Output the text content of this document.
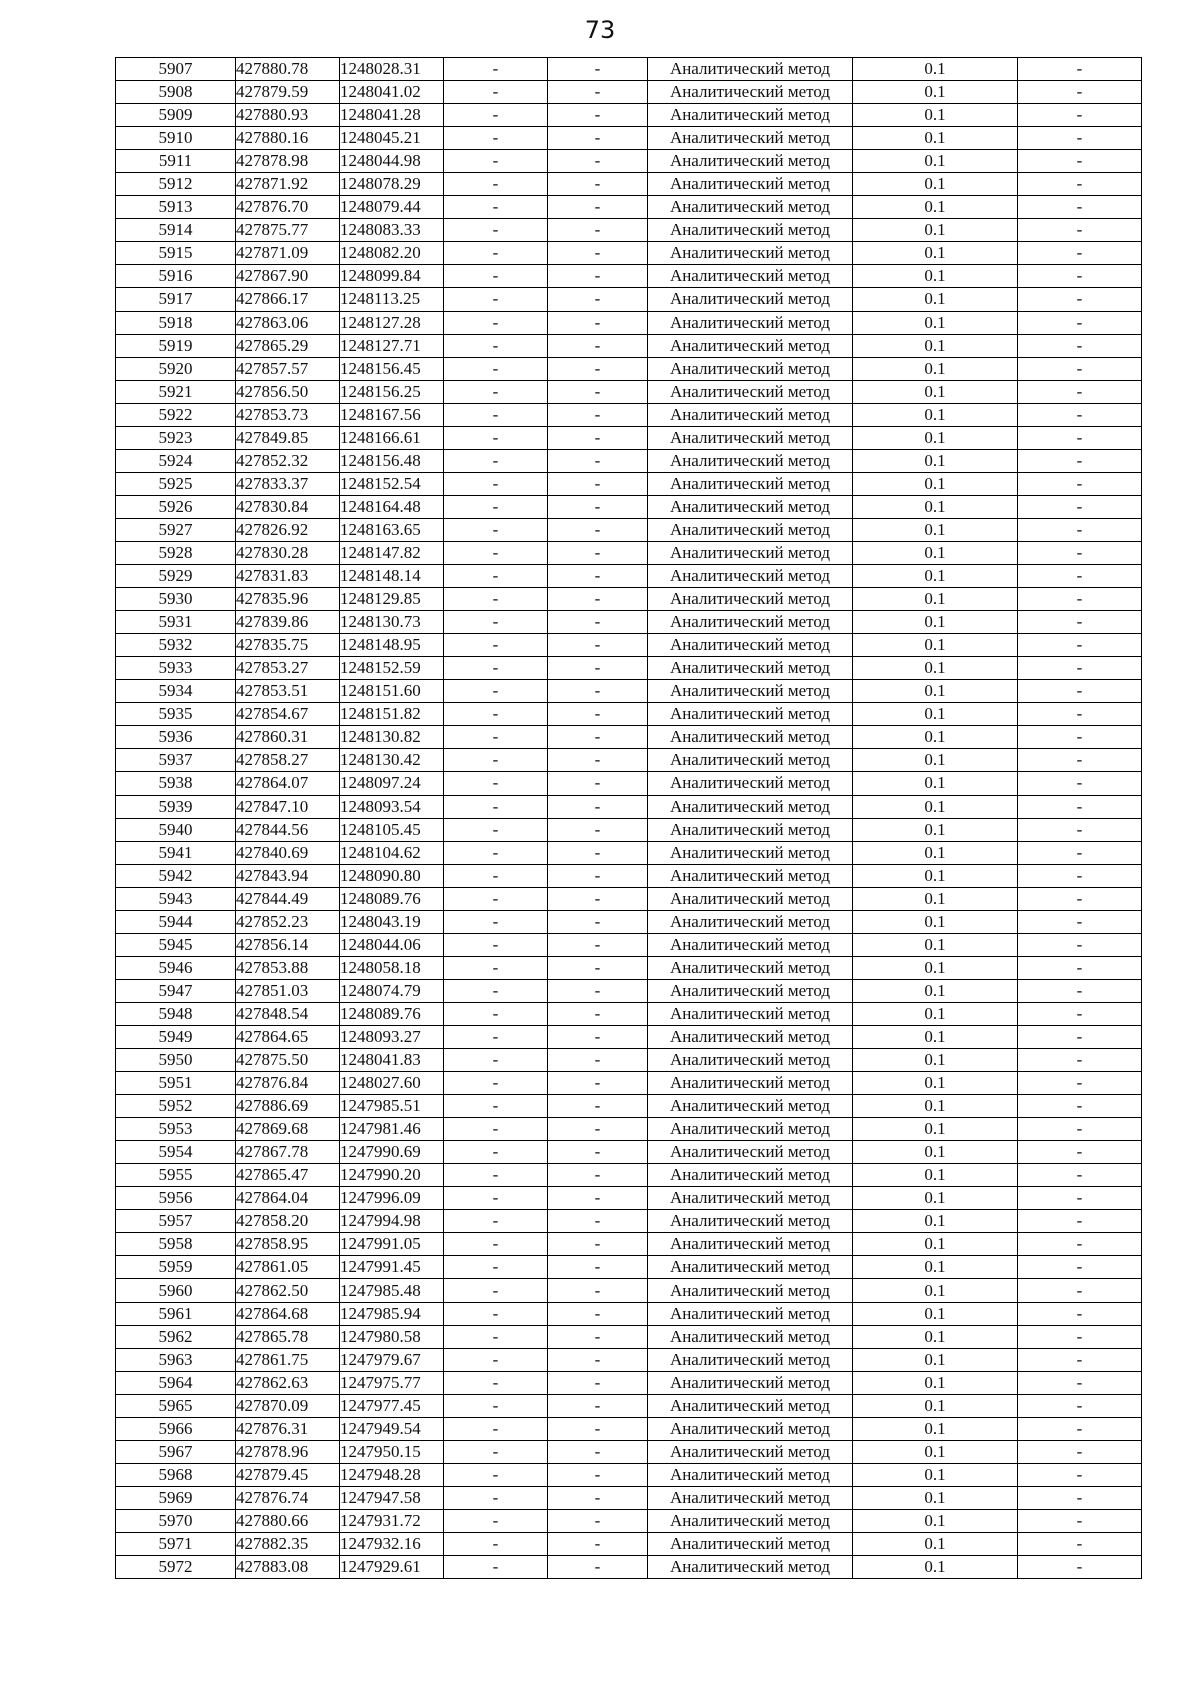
73
5907	427880.78	1248028.31	-	-	Аналитический метод	0.1	-
5908	427879.59	1248041.02	-	-	Аналитический метод	0.1	-
5909	427880.93	1248041.28	-	-	Аналитический метод	0.1	-
5910	427880.16	1248045.21	-	-	Аналитический метод	0.1	-
5911	427878.98	1248044.98	-	-	Аналитический метод	0.1	-
5912	427871.92	1248078.29	-	-	Аналитический метод	0.1	-
5913	427876.70	1248079.44	-	-	Аналитический метод	0.1	-
5914	427875.77	1248083.33	-	-	Аналитический метод	0.1	-
5915	427871.09	1248082.20	-	-	Аналитический метод	0.1	-
5916	427867.90	1248099.84	-	-	Аналитический метод	0.1	-
5917	427866.17	1248113.25	-	-	Аналитический метод	0.1	-
5918	427863.06	1248127.28	-	-	Аналитический метод	0.1	-
5919	427865.29	1248127.71	-	-	Аналитический метод	0.1	-
5920	427857.57	1248156.45	-	-	Аналитический метод	0.1	-
5921	427856.50	1248156.25	-	-	Аналитический метод	0.1	-
5922	427853.73	1248167.56	-	-	Аналитический метод	0.1	-
5923	427849.85	1248166.61	-	-	Аналитический метод	0.1	-
5924	427852.32	1248156.48	-	-	Аналитический метод	0.1	-
5925	427833.37	1248152.54	-	-	Аналитический метод	0.1	-
5926	427830.84	1248164.48	-	-	Аналитический метод	0.1	-
5927	427826.92	1248163.65	-	-	Аналитический метод	0.1	-
5928	427830.28	1248147.82	-	-	Аналитический метод	0.1	-
5929	427831.83	1248148.14	-	-	Аналитический метод	0.1	-
5930	427835.96	1248129.85	-	-	Аналитический метод	0.1	-
5931	427839.86	1248130.73	-	-	Аналитический метод	0.1	-
5932	427835.75	1248148.95	-	-	Аналитический метод	0.1	-
5933	427853.27	1248152.59	-	-	Аналитический метод	0.1	-
5934	427853.51	1248151.60	-	-	Аналитический метод	0.1	-
5935	427854.67	1248151.82	-	-	Аналитический метод	0.1	-
5936	427860.31	1248130.82	-	-	Аналитический метод	0.1	-
5937	427858.27	1248130.42	-	-	Аналитический метод	0.1	-
5938	427864.07	1248097.24	-	-	Аналитический метод	0.1	-
5939	427847.10	1248093.54	-	-	Аналитический метод	0.1	-
5940	427844.56	1248105.45	-	-	Аналитический метод	0.1	-
5941	427840.69	1248104.62	-	-	Аналитический метод	0.1	-
5942	427843.94	1248090.80	-	-	Аналитический метод	0.1	-
5943	427844.49	1248089.76	-	-	Аналитический метод	0.1	-
5944	427852.23	1248043.19	-	-	Аналитический метод	0.1	-
5945	427856.14	1248044.06	-	-	Аналитический метод	0.1	-
5946	427853.88	1248058.18	-	-	Аналитический метод	0.1	-
5947	427851.03	1248074.79	-	-	Аналитический метод	0.1	-
5948	427848.54	1248089.76	-	-	Аналитический метод	0.1	-
5949	427864.65	1248093.27	-	-	Аналитический метод	0.1	-
5950	427875.50	1248041.83	-	-	Аналитический метод	0.1	-
5951	427876.84	1248027.60	-	-	Аналитический метод	0.1	-
5952	427886.69	1247985.51	-	-	Аналитический метод	0.1	-
5953	427869.68	1247981.46	-	-	Аналитический метод	0.1	-
5954	427867.78	1247990.69	-	-	Аналитический метод	0.1	-
5955	427865.47	1247990.20	-	-	Аналитический метод	0.1	-
5956	427864.04	1247996.09	-	-	Аналитический метод	0.1	-
5957	427858.20	1247994.98	-	-	Аналитический метод	0.1	-
5958	427858.95	1247991.05	-	-	Аналитический метод	0.1	-
5959	427861.05	1247991.45	-	-	Аналитический метод	0.1	-
5960	427862.50	1247985.48	-	-	Аналитический метод	0.1	-
5961	427864.68	1247985.94	-	-	Аналитический метод	0.1	-
5962	427865.78	1247980.58	-	-	Аналитический метод	0.1	-
5963	427861.75	1247979.67	-	-	Аналитический метод	0.1	-
5964	427862.63	1247975.77	-	-	Аналитический метод	0.1	-
5965	427870.09	1247977.45	-	-	Аналитический метод	0.1	-
5966	427876.31	1247949.54	-	-	Аналитический метод	0.1	-
5967	427878.96	1247950.15	-	-	Аналитический метод	0.1	-
5968	427879.45	1247948.28	-	-	Аналитический метод	0.1	-
5969	427876.74	1247947.58	-	-	Аналитический метод	0.1	-
5970	427880.66	1247931.72	-	-	Аналитический метод	0.1	-
5971	427882.35	1247932.16	-	-	Аналитический метод	0.1	-
5972	427883.08	1247929.61	-	-	Аналитический метод	0.1	-
